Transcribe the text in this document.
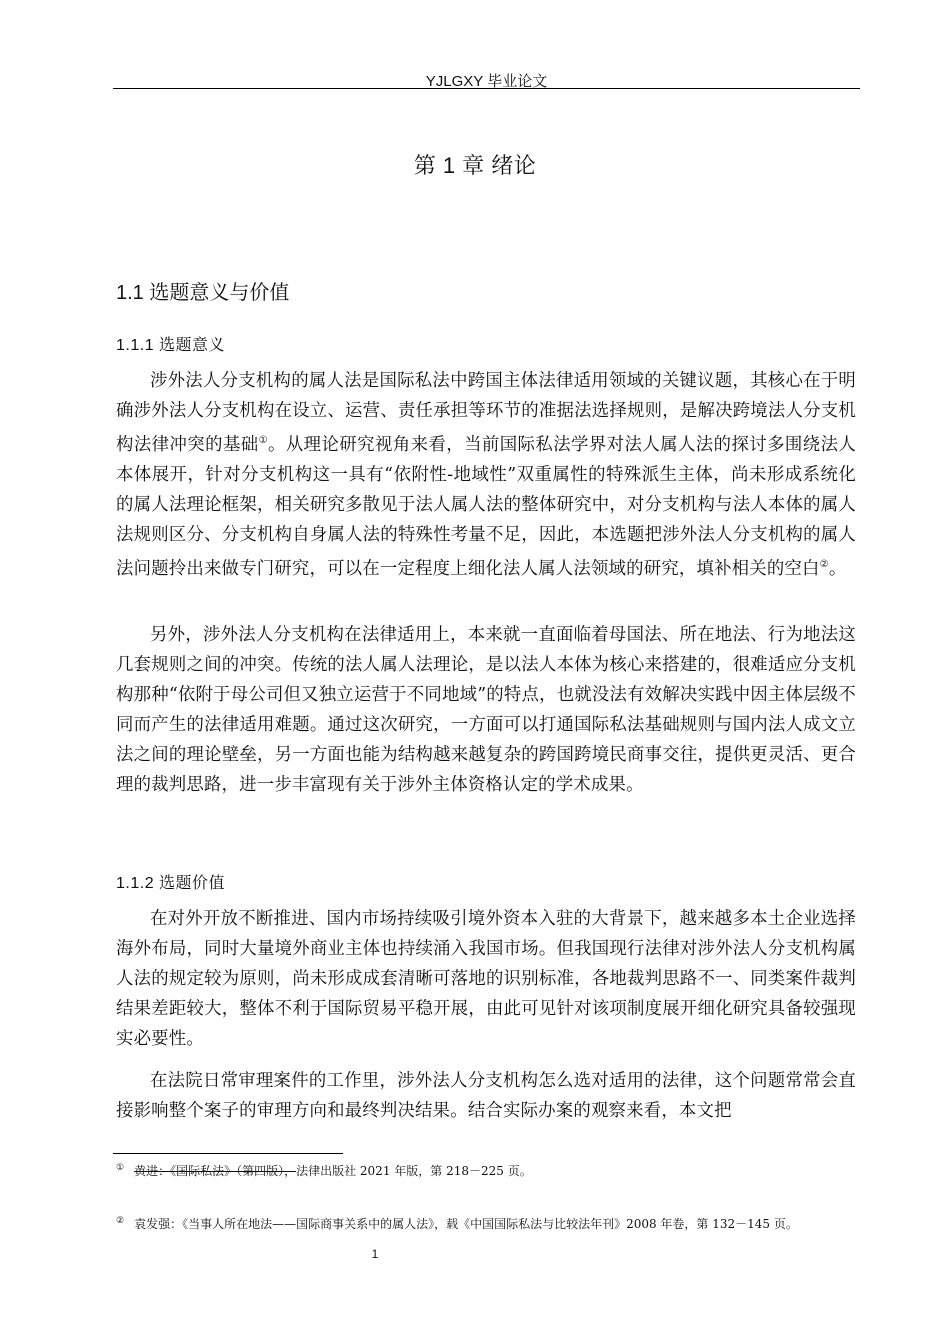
YJLGXY 毕业论文
第 1 章 绪论
1.1 选题意义与价值
1.1.1 选题意义

涉外法人分支机构的属人法是国际私法中跨国主体法律适用领域的关键议题，其核心在于明确涉外法人分支机构在设立、运营、责任承担等环节的准据法选择规则，是解决跨境法人分支机构法律冲突的基础①。从理论研究视角来看，当前国际私法学界对法人属人法的探讨多围绕法人本体展开，针对分支机构这一具有“依附性-地域性”双重属性的特殊派生主体，尚未形成系统化的属人法理论框架，相关研究多散见于法人属人法的整体研究中，对分支机构与法人本体的属人法规则区分、分支机构自身属人法的特殊性考量不足，因此，本选题把涉外法人分支机构的属人法问题拎出来做专门研究，可以在一定程度上细化法人属人法领域的研究，填补相关的空白②。

另外，涉外法人分支机构在法律适用上，本来就一直面临着母国法、所在地法、行为地法这几套规则之间的冲突。传统的法人属人法理论，是以法人本体为核心来搭建的，很难适应分支机构那种“依附于母公司但又独立运营于不同地域”的特点，也就没法有效解决实践中因主体层级不同而产生的法律适用难题。通过这次研究，一方面可以打通国际私法基础规则与国内法人成文立法之间的理论壁垒，另一方面也能为结构越来越复杂的跨国跨境民商事交往，提供更灵活、更合理的裁判思路，进一步丰富现有关于涉外主体资格认定的学术成果。

1.1.2 选题价值

在对外开放不断推进、国内市场持续吸引境外资本入驻的大背景下，越来越多本土企业选择海外布局，同时大量境外商业主体也持续涌入我国市场。但我国现行法律对涉外法人分支机构属人法的规定较为原则，尚未形成成套清晰可落地的识别标准，各地裁判思路不一、同类案件裁判结果差距较大，整体不利于国际贸易平稳开展，由此可见针对该项制度展开细化研究具备较强现实必要性。

在法院日常审理案件的工作里，涉外法人分支机构怎么选对适用的法律，这个问题常常会直接影响整个案子的审理方向和最终判决结果。结合实际办案的观察来看，本文把

① 黄进：《国际私法》（第四版），法律出版社 2021 年版，第 218－225 页。
② 袁发强：《当事人所在地法——国际商事关系中的属人法》，载《中国国际私法与比较法年刊》2008 年卷，第 132－145 页。
1
